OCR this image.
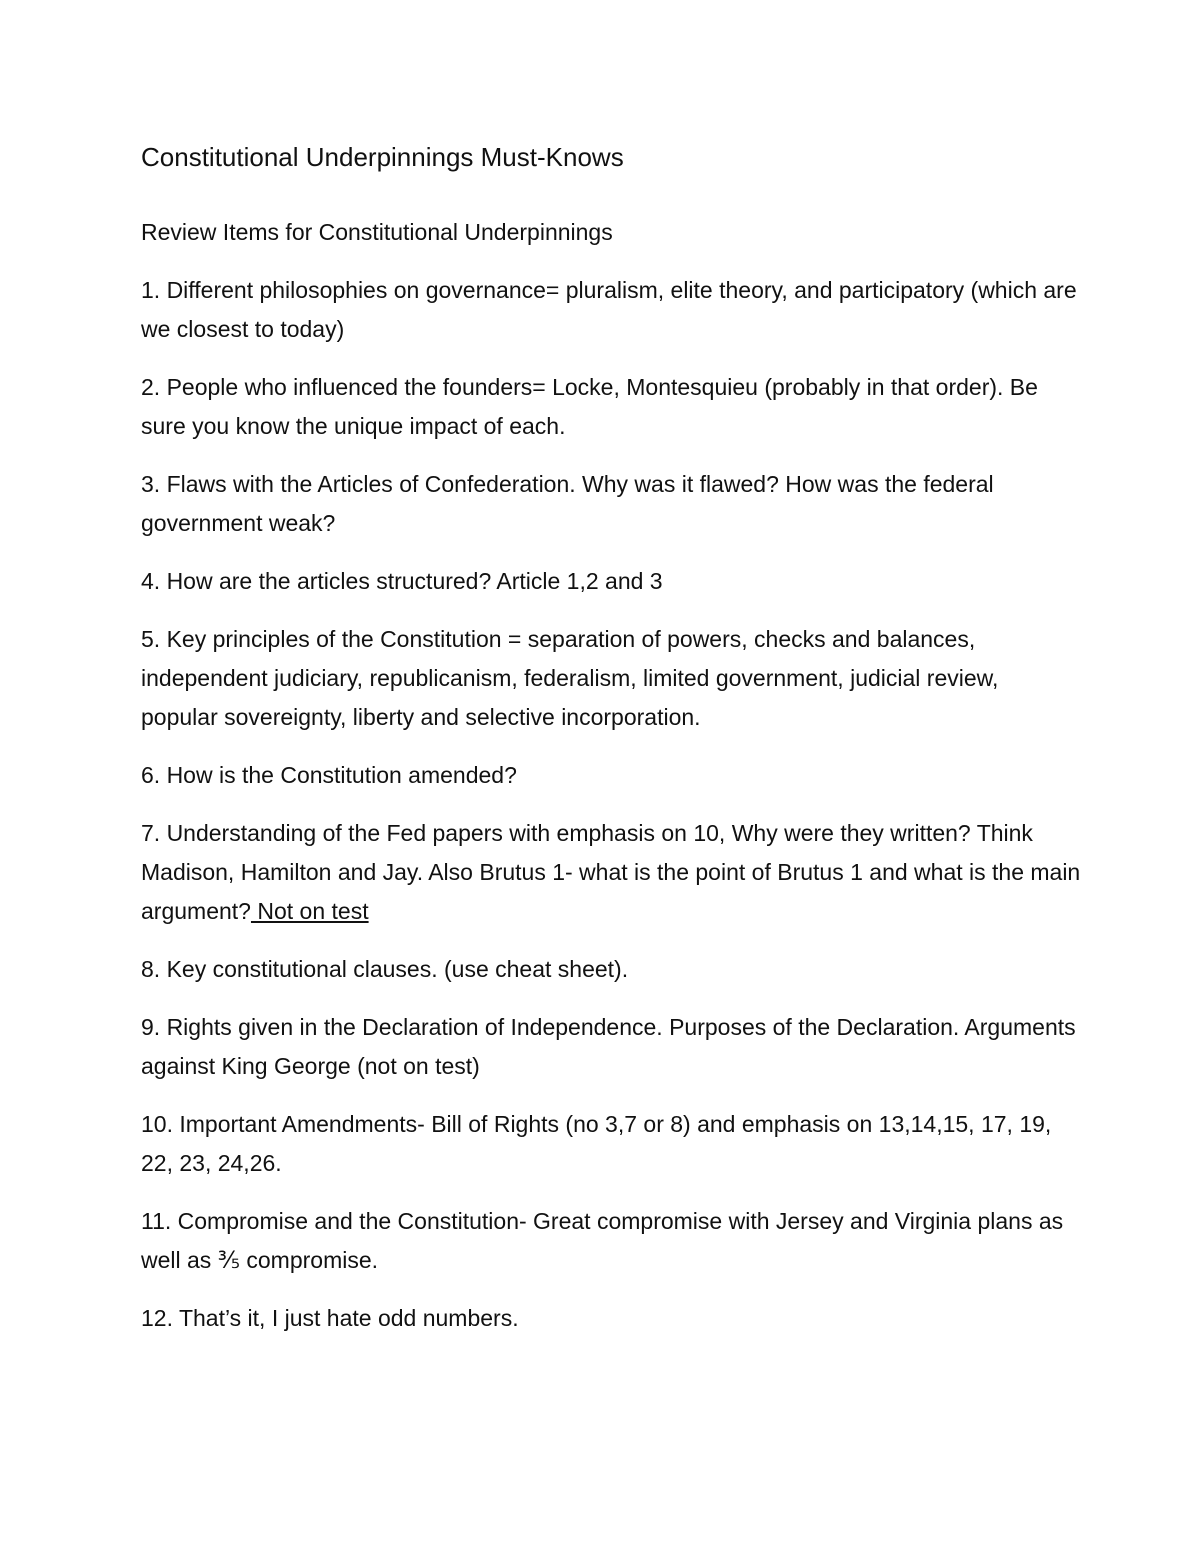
Constitutional Underpinnings Must-Knows

Review Items for Constitutional Underpinnings

1. Different philosophies on governance= pluralism, elite theory, and participatory (which are we closest to today)
2. People who influenced the founders= Locke, Montesquieu (probably in that order). Be sure you know the unique impact of each.
3. Flaws with the Articles of Confederation. Why was it flawed? How was the federal government weak?
4. How are the articles structured? Article 1,2 and 3
5. Key principles of the Constitution = separation of powers, checks and balances, independent judiciary, republicanism, federalism, limited government, judicial review, popular sovereignty, liberty and selective incorporation.
6. How is the Constitution amended?
7. Understanding of the Fed papers with emphasis on 10, Why were they written? Think Madison, Hamilton and Jay. Also Brutus 1- what is the point of Brutus 1 and what is the main argument? Not on test
8. Key constitutional clauses. (use cheat sheet).
9. Rights given in the Declaration of Independence. Purposes of the Declaration. Arguments against King George (not on test)
10. Important Amendments- Bill of Rights (no 3,7 or 8) and emphasis on 13,14,15, 17, 19, 22, 23, 24,26.
11. Compromise and the Constitution- Great compromise with Jersey and Virginia plans as well as ⅗ compromise.
12. That’s it, I just hate odd numbers.
